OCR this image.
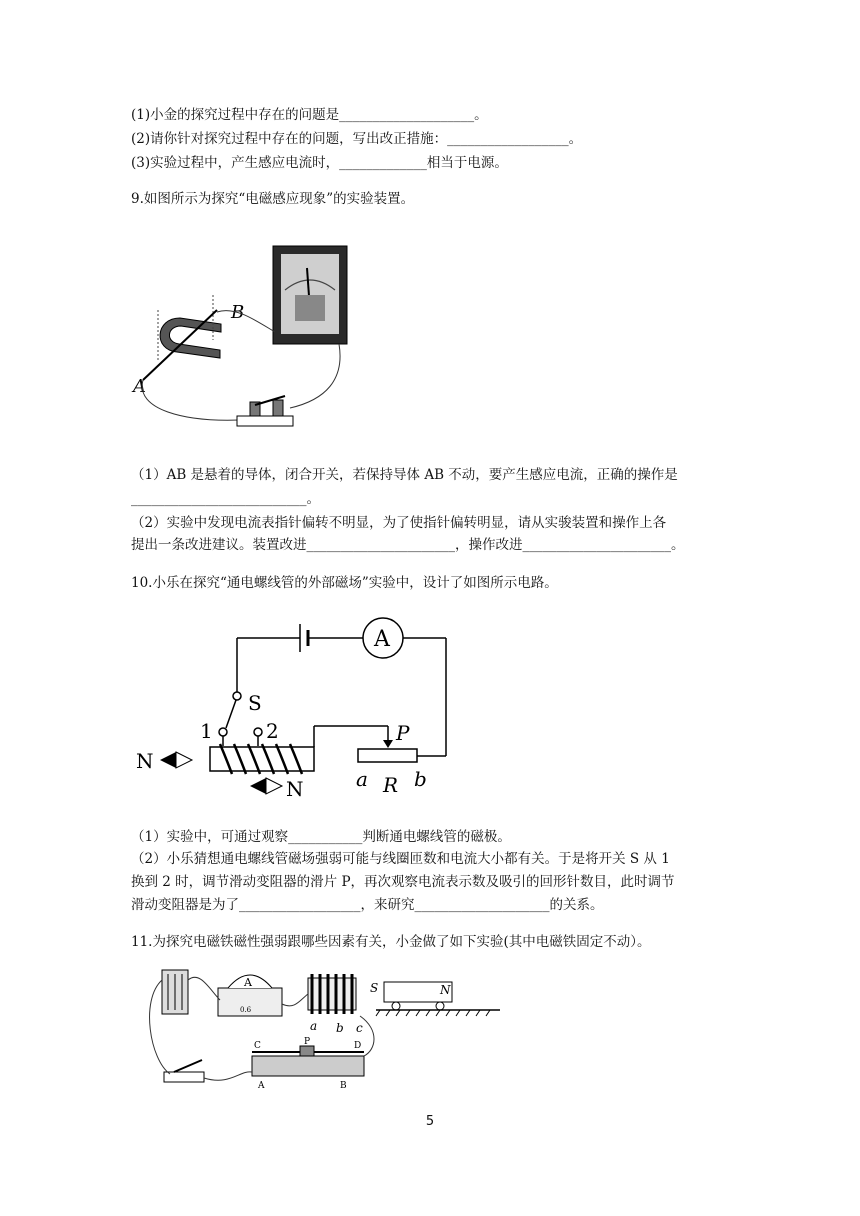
(1)小金的探究过程中存在的问题是____________________。
(2)请你针对探究过程中存在的问题，写出改正措施：__________________。
(3)实验过程中，产生感应电流时，_____________相当于电源。
9.如图所示为探究“电磁感应现象”的实验装置。
A
B
（1）AB 是悬着的导体，闭合开关，若保持导体 AB 不动，要产生感应电流，正确的操作是
__________________________。
（2）实验中发现电流表指针偏转不明显，为了使指针偏转明显，请从实骏装置和操作上各
提出一条改进建议。装置改进______________________，操作改进______________________。
10.小乐在探究“通电螺线管的外部磁场”实验中，设计了如图所示电路。
A
S
1	2	P
a R b
N
N
（1）实验中，可通过观察___________判断通电螺线管的磁极。
（2）小乐猜想通电螺线管磁场强弱可能与线圈匝数和电流大小都有关。于是将开关 S 从 1
换到 2 时，调节滑动变阻器的滑片 P，再次观察电流表示数及吸引的回形针数目，此时调节
滑动变阻器是为了__________________，来研究____________________的关系。
11.为探究电磁铁磁性强弱跟哪些因素有关，小金做了如下实验(其中电磁铁固定不动）。
A
0.6
a b c
S	N
C	P	D
A	B
5
